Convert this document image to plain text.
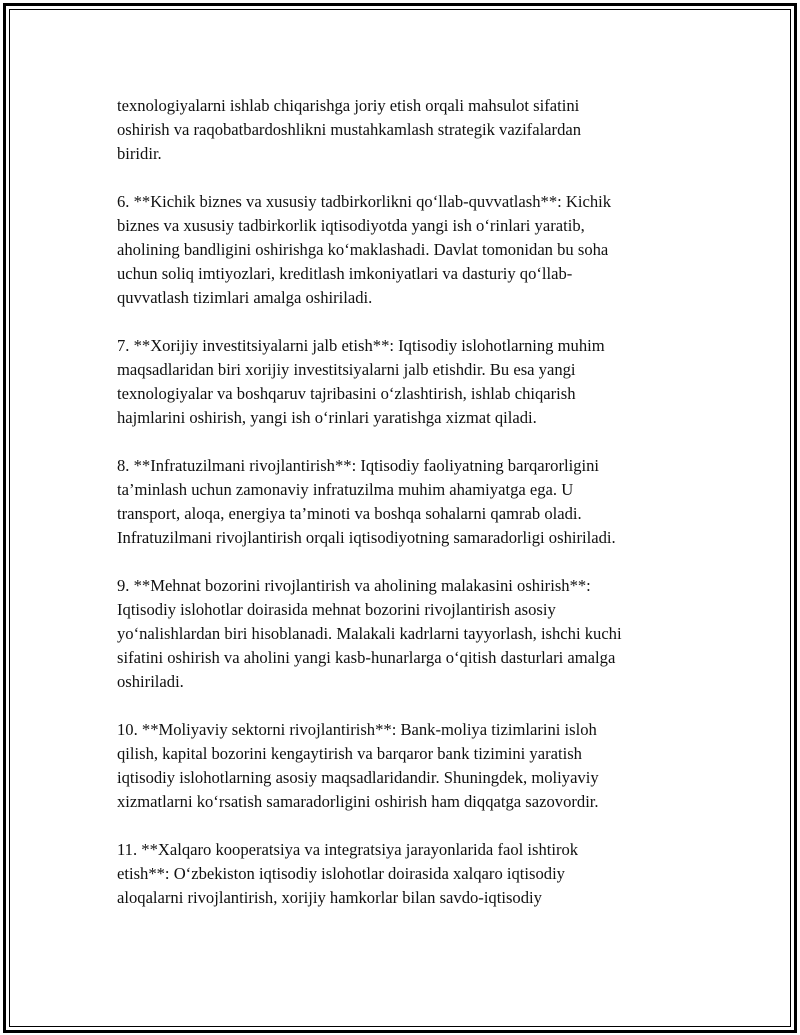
texnologiyalarni ishlab chiqarishga joriy etish orqali mahsulot sifatini
oshirish va raqobatbardoshlikni mustahkamlash strategik vazifalardan
biridir.

6. **Kichik biznes va xususiy tadbirkorlikni qo‘llab-quvvatlash**: Kichik
biznes va xususiy tadbirkorlik iqtisodiyotda yangi ish o‘rinlari yaratib,
aholining bandligini oshirishga ko‘maklashadi. Davlat tomonidan bu soha
uchun soliq imtiyozlari, kreditlash imkoniyatlari va dasturiy qo‘llab-
quvvatlash tizimlari amalga oshiriladi.

7. **Xorijiy investitsiyalarni jalb etish**: Iqtisodiy islohotlarning muhim
maqsadlaridan biri xorijiy investitsiyalarni jalb etishdir. Bu esa yangi
texnologiyalar va boshqaruv tajribasini o‘zlashtirish, ishlab chiqarish
hajmlarini oshirish, yangi ish o‘rinlari yaratishga xizmat qiladi.

8. **Infratuzilmani rivojlantirish**: Iqtisodiy faoliyatning barqarorligini
ta’minlash uchun zamonaviy infratuzilma muhim ahamiyatga ega. U
transport, aloqa, energiya ta’minoti va boshqa sohalarni qamrab oladi.
Infratuzilmani rivojlantirish orqali iqtisodiyotning samaradorligi oshiriladi.

9. **Mehnat bozorini rivojlantirish va aholining malakasini oshirish**:
Iqtisodiy islohotlar doirasida mehnat bozorini rivojlantirish asosiy
yo‘nalishlardan biri hisoblanadi. Malakali kadrlarni tayyorlash, ishchi kuchi
sifatini oshirish va aholini yangi kasb-hunarlarga o‘qitish dasturlari amalga
oshiriladi.

10. **Moliyaviy sektorni rivojlantirish**: Bank-moliya tizimlarini isloh
qilish, kapital bozorini kengaytirish va barqaror bank tizimini yaratish
iqtisodiy islohotlarning asosiy maqsadlaridandir. Shuningdek, moliyaviy
xizmatlarni ko‘rsatish samaradorligini oshirish ham diqqatga sazovordir.

11. **Xalqaro kooperatsiya va integratsiya jarayonlarida faol ishtirok
etish**: O‘zbekiston iqtisodiy islohotlar doirasida xalqaro iqtisodiy
aloqalarni rivojlantirish, xorijiy hamkorlar bilan savdo-iqtisodiy
